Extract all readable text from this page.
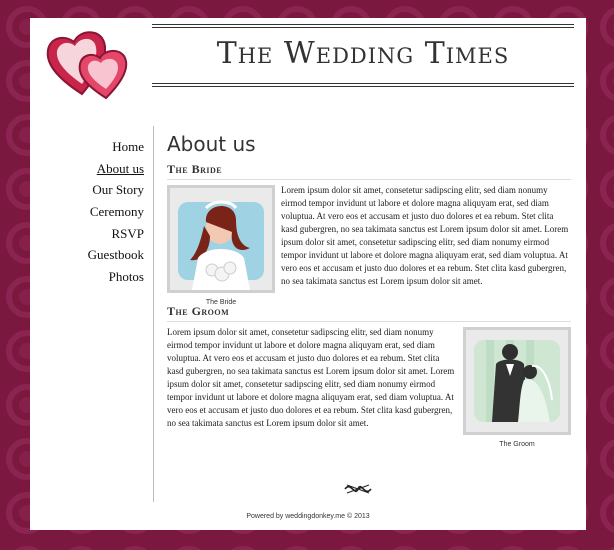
The Wedding Times
Home
About us
Our Story
Ceremony
RSVP
Guestbook
Photos
About us
The Bride
The Bride
Lorem ipsum dolor sit amet, consetetur sadipscing elitr, sed diam nonumy eirmod tempor invidunt ut labore et dolore magna aliquyam erat, sed diam voluptua. At vero eos et accusam et justo duo dolores et ea rebum. Stet clita kasd gubergren, no sea takimata sanctus est Lorem ipsum dolor sit amet. Lorem ipsum dolor sit amet, consetetur sadipscing elitr, sed diam nonumy eirmod tempor invidunt ut labore et dolore magna aliquyam erat, sed diam voluptua. At vero eos et accusam et justo duo dolores et ea rebum. Stet clita kasd gubergren, no sea takimata sanctus est Lorem ipsum dolor sit amet.
The Groom
The Groom
Lorem ipsum dolor sit amet, consetetur sadipscing elitr, sed diam nonumy eirmod tempor invidunt ut labore et dolore magna aliquyam erat, sed diam voluptua. At vero eos et accusam et justo duo dolores et ea rebum. Stet clita kasd gubergren, no sea takimata sanctus est Lorem ipsum dolor sit amet. Lorem ipsum dolor sit amet, consetetur sadipscing elitr, sed diam nonumy eirmod tempor invidunt ut labore et dolore magna aliquyam erat, sed diam voluptua. At vero eos et accusam et justo duo dolores et ea rebum. Stet clita kasd gubergren, no sea takimata sanctus est Lorem ipsum dolor sit amet.
Powered by weddingdonkey.me © 2013
